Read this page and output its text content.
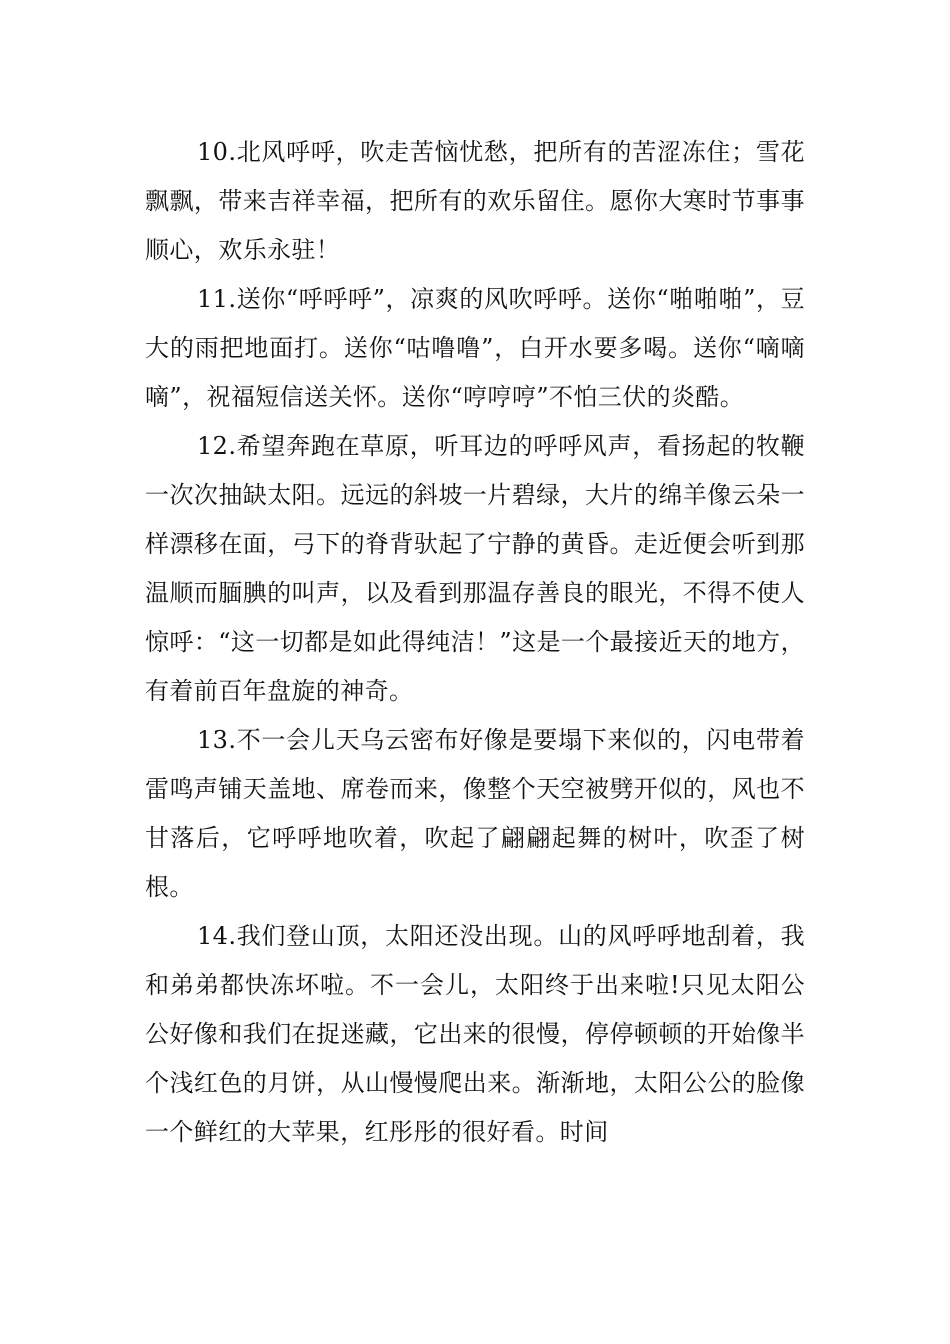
10.北风呼呼，吹走苦恼忧愁，把所有的苦涩冻住；雪花飘飘，带来吉祥幸福，把所有的欢乐留住。愿你大寒时节事事顺心，欢乐永驻！

11.送你“呼呼呼”，凉爽的风吹呼呼。送你“啪啪啪”，豆大的雨把地面打。送你“咕噜噜”，白开水要多喝。送你“嘀嘀嘀”，祝福短信送关怀。送你“哼哼哼”不怕三伏的炎酷。

12.希望奔跑在草原，听耳边的呼呼风声，看扬起的牧鞭一次次抽缺太阳。远远的斜坡一片碧绿，大片的绵羊像云朵一样漂移在面，弓下的脊背驮起了宁静的黄昏。走近便会听到那温顺而腼腆的叫声，以及看到那温存善良的眼光，不得不使人惊呼：“这一切都是如此得纯洁！”这是一个最接近天的地方，有着前百年盘旋的神奇。

13.不一会儿天乌云密布好像是要塌下来似的，闪电带着雷鸣声铺天盖地、席卷而来，像整个天空被劈开似的，风也不甘落后，它呼呼地吹着，吹起了翩翩起舞的树叶，吹歪了树根。

14.我们登山顶，太阳还没出现。山的风呼呼地刮着，我和弟弟都快冻坏啦。不一会儿，太阳终于出来啦!只见太阳公公好像和我们在捉迷藏，它出来的很慢，停停顿顿的开始像半个浅红色的月饼，从山慢慢爬出来。渐渐地，太阳公公的脸像一个鲜红的大苹果，红彤彤的很好看。时间
